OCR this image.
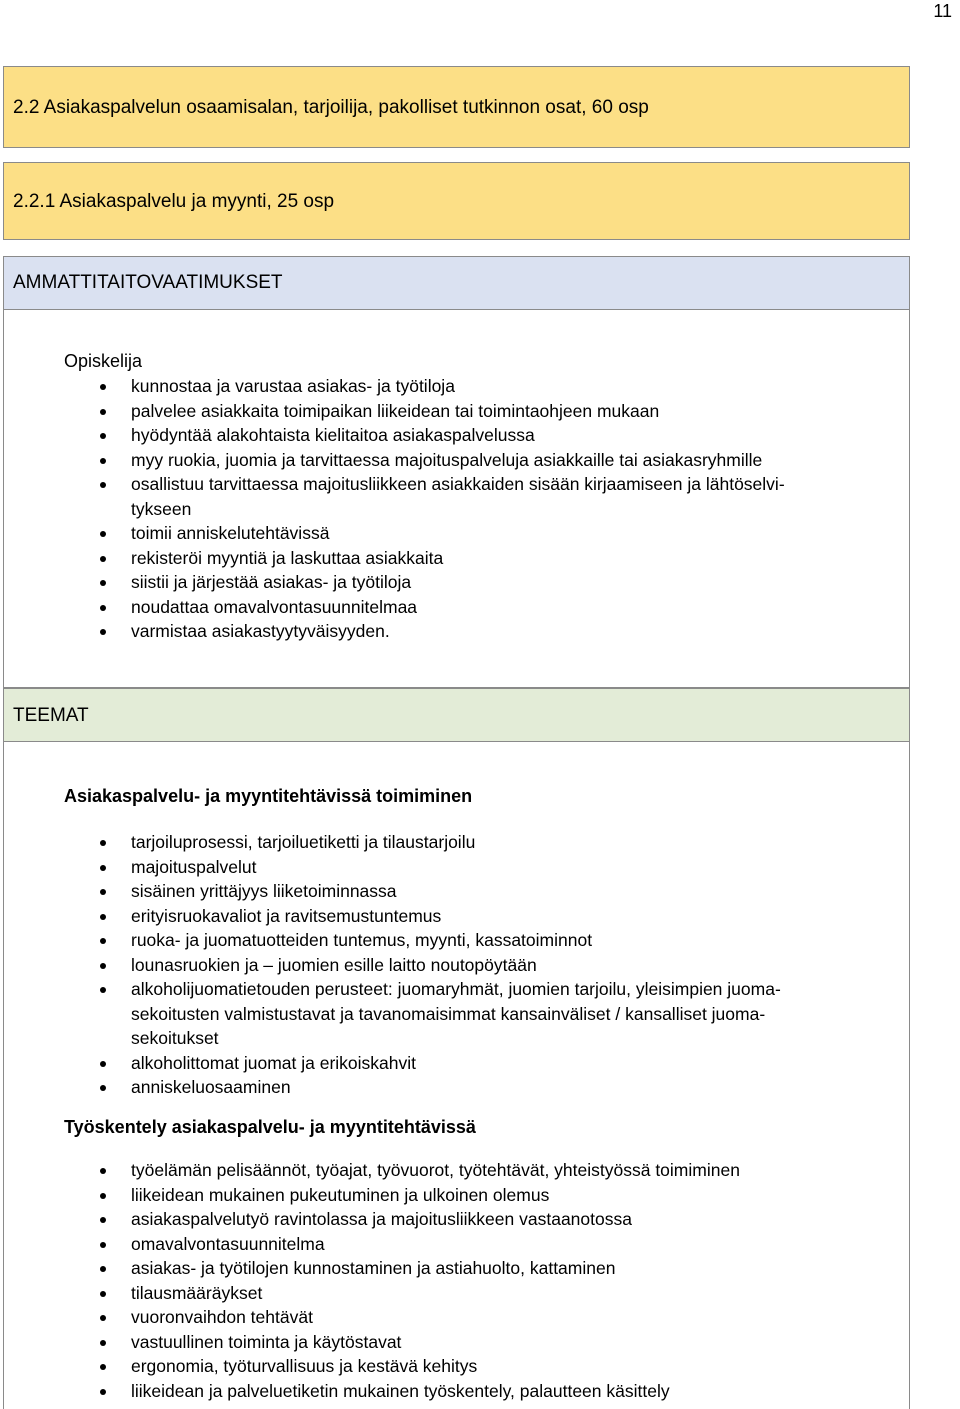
11
2.2 Asiakaspalvelun osaamisalan, tarjoilija, pakolliset tutkinnon osat, 60 osp
2.2.1 Asiakaspalvelu ja myynti, 25 osp
AMMATTITAITOVAATIMUKSET
Opiskelija
kunnostaa ja varustaa asiakas- ja työtiloja
palvelee asiakkaita toimipaikan liikeidean tai toimintaohjeen mukaan
hyödyntää alakohtaista kielitaitoa asiakaspalvelussa
myy ruokia, juomia ja tarvittaessa majoituspalveluja asiakkaille tai asiakasryhmille
osallistuu tarvittaessa majoitusliikkeen asiakkaiden sisään kirjaamiseen ja lähtöselvi-
tykseen
toimii anniskelutehtävissä
rekisteröi myyntiä ja laskuttaa asiakkaita
siistii ja järjestää asiakas- ja työtiloja
noudattaa omavalvontasuunnitelmaa
varmistaa asiakastyytyväisyyden.
TEEMAT
Asiakaspalvelu- ja myyntitehtävissä toimiminen
tarjoiluprosessi, tarjoiluetiketti ja tilaustarjoilu
majoituspalvelut
sisäinen yrittäjyys liiketoiminnassa
erityisruokavaliot ja ravitsemustuntemus
ruoka- ja juomatuotteiden tuntemus, myynti, kassatoiminnot
lounasruokien ja – juomien esille laitto noutopöytään
alkoholijuomatietouden perusteet: juomaryhmät, juomien tarjoilu, yleisimpien juoma-
sekoitusten valmistustavat ja tavanomaisimmat kansainväliset / kansalliset juoma-
sekoitukset
alkoholittomat juomat ja erikoiskahvit
anniskeluosaaminen
Työskentely asiakaspalvelu- ja myyntitehtävissä
työelämän pelisäännöt, työajat, työvuorot, työtehtävät, yhteistyössä toimiminen
liikeidean mukainen pukeutuminen ja ulkoinen olemus
asiakaspalvelutyö ravintolassa ja majoitusliikkeen vastaanotossa
omavalvontasuunnitelma
asiakas- ja työtilojen kunnostaminen ja astiahuolto, kattaminen
tilausmääräykset
vuoronvaihdon tehtävät
vastuullinen toiminta ja käytöstavat
ergonomia, työturvallisuus ja kestävä kehitys
liikeidean ja palveluetiketin mukainen työskentely, palautteen käsittely
